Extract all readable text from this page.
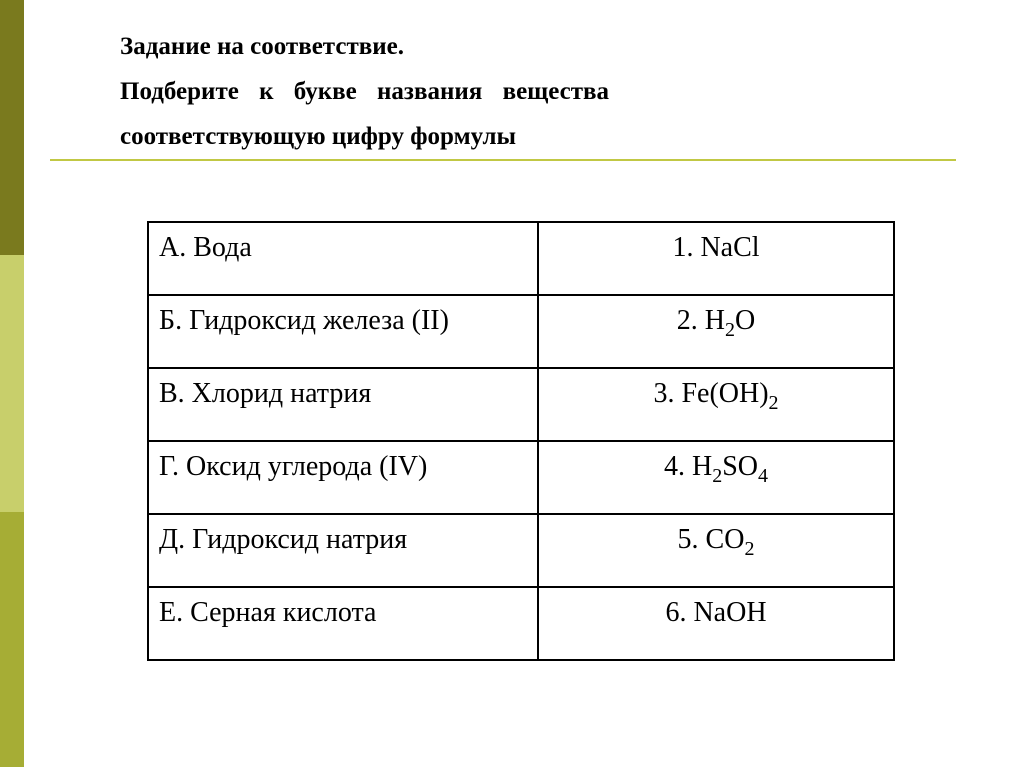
Задание на соответствие.
Подберите к букве названия вещества
соответствующую цифру формулы
А. Вода	1. NaCl
Б. Гидроксид железа (II)	2. $H_2O$
В. Хлорид натрия	3. $Fe(OH)_2$
Г. Оксид углерода (IV)	4. $H_2SO_4$
Д. Гидроксид натрия	5. $CO_2$
Е. Серная кислота	6. NaOH
